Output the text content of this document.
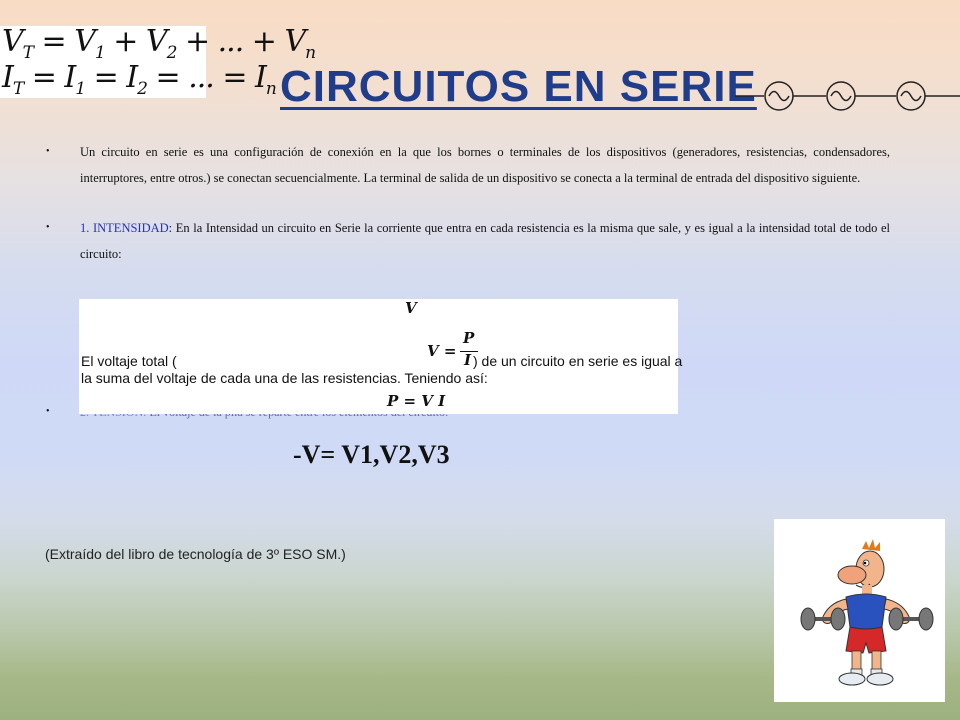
$V_T = V_1 + V_2$ + ... + $V_n$
$I_T = I_1 = I_2$ = ... = $I_n$ CIRCUITOS EN SERIE
• Un circuito en serie es una configuración de conexión en la que los bornes o terminales de los dispositivos (generadores, resistencias, condensadores, interruptores, entre otros.) se conectan secuencialmente. La terminal de salida de un dispositivo se conecta a la terminal de entrada del dispositivo siguiente.
• 1. INTENSIDAD: En la Intensidad un circuito en Serie la corriente que entra en cada resistencia es la misma que sale, y es igual a la intensidad total de todo el circuito:
•
V
V =
P
I
El voltaje total (	) de un circuito en serie es igual a
la suma del voltaje de cada una de las resistencias. Teniendo así:
P = V I
-V= V1,V2,V3
(Extraído del libro de tecnología de 3º ESO SM.)
